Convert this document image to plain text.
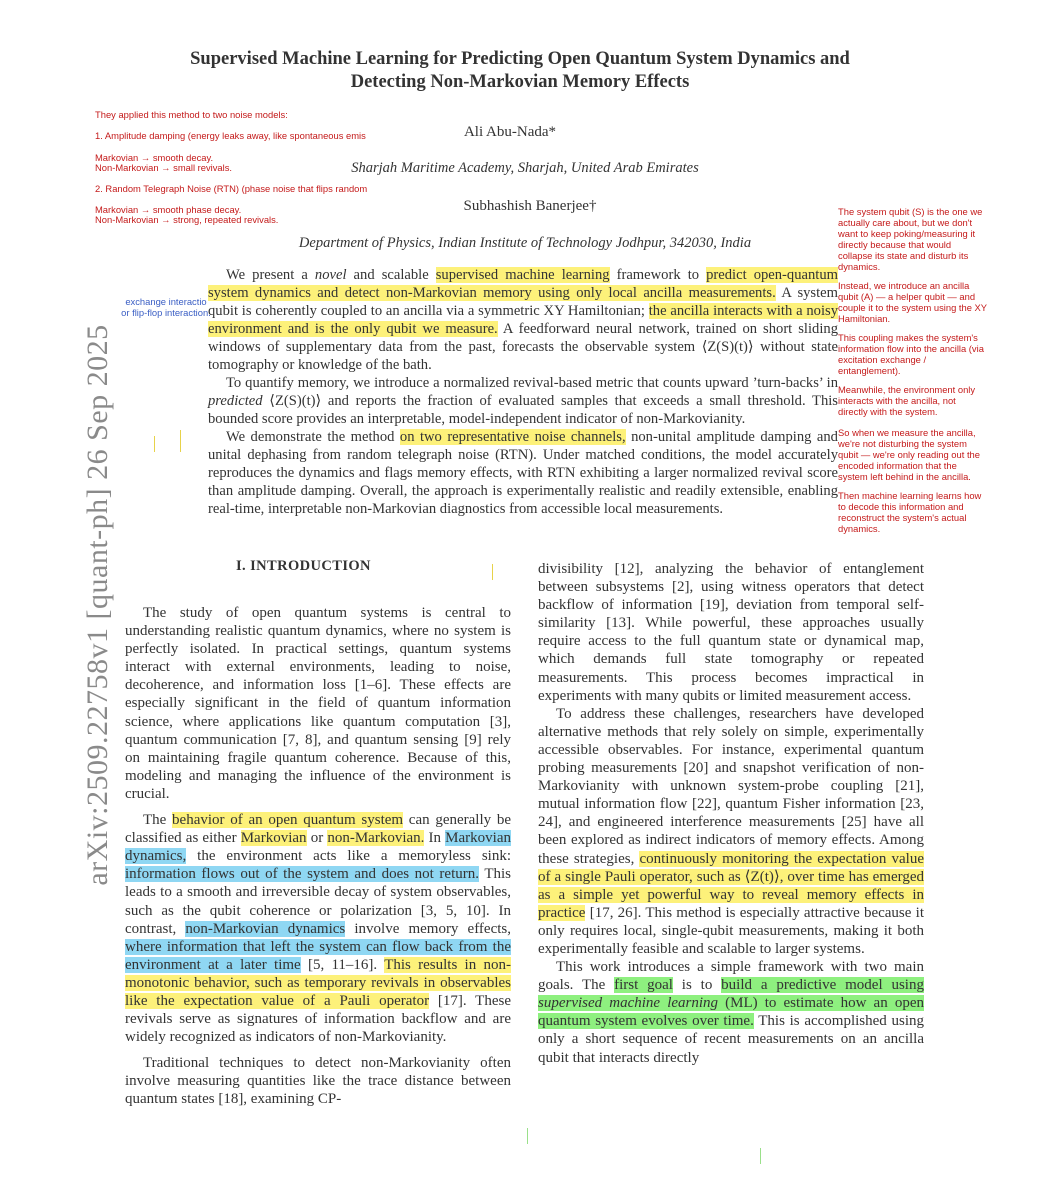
arXiv:2509.22758v1 [quant-ph] 26 Sep 2025
Supervised Machine Learning for Predicting Open Quantum System Dynamics and
Detecting Non-Markovian Memory Effects
Ali Abu-Nada*
Sharjah Maritime Academy, Sharjah, United Arab Emirates
Subhashish Banerjee†
Department of Physics, Indian Institute of Technology Jodhpur, 342030, India
They applied this method to two noise models:
1. Amplitude damping (energy leaks away, like spontaneous emis
Markovian → smooth decay.
Non-Markovian → small revivals.
2. Random Telegraph Noise (RTN) (phase noise that flips random
Markovian → smooth phase decay.
Non-Markovian → strong, repeated revivals.
exchange interactio or flip-flop interaction.
The system qubit (S) is the one we actually care about, but we don't want to keep poking/measuring it directly because that would collapse its state and disturb its dynamics.
Instead, we introduce an ancilla qubit (A) — a helper qubit — and couple it to the system using the XY Hamiltonian.
This coupling makes the system's information flow into the ancilla (via excitation exchange / entanglement).
Meanwhile, the environment only interacts with the ancilla, not directly with the system.
So when we measure the ancilla, we're not disturbing the system qubit — we're only reading out the encoded information that the system left behind in the ancilla.
Then machine learning learns how to decode this information and reconstruct the system's actual dynamics.

We present a novel and scalable supervised machine learning framework to predict open-quantum system dynamics and detect non-Markovian memory using only local ancilla measurements. A system qubit is coherently coupled to an ancilla via a symmetric XY Hamiltonian; the ancilla interacts with a noisy environment and is the only qubit we measure. A feedforward neural network, trained on short sliding windows of supplementary data from the past, forecasts the observable system ⟨Z(S)(t)⟩ without state tomography or knowledge of the bath.

To quantify memory, we introduce a normalized revival-based metric that counts upward ’turn-backs’ in predicted ⟨Z(S)(t)⟩ and reports the fraction of evaluated samples that exceeds a small threshold. This bounded score provides an interpretable, model-independent indicator of non-Markovianity.

We demonstrate the method on two representative noise channels, non-unital amplitude damping and unital dephasing from random telegraph noise (RTN). Under matched conditions, the model accurately reproduces the dynamics and flags memory effects, with RTN exhibiting a larger normalized revival score than amplitude damping. Overall, the approach is experimentally realistic and readily extensible, enabling real-time, interpretable non-Markovian diagnostics from accessible local measurements.

I. INTRODUCTION

The study of open quantum systems is central to understanding realistic quantum dynamics, where no system is perfectly isolated. In practical settings, quantum systems interact with external environments, leading to noise, decoherence, and information loss [1–6]. These effects are especially significant in the field of quantum information science, where applications like quantum computation [3], quantum communication [7, 8], and quantum sensing [9] rely on maintaining fragile quantum coherence. Because of this, modeling and managing the influence of the environment is crucial.

The behavior of an open quantum system can generally be classified as either Markovian or non-Markovian. In Markovian dynamics, the environment acts like a memoryless sink: information flows out of the system and does not return. This leads to a smooth and irreversible decay of system observables, such as the qubit coherence or polarization [3, 5, 10]. In contrast, non-Markovian dynamics involve memory effects, where information that left the system can flow back from the environment at a later time [5, 11–16]. This results in non-monotonic behavior, such as temporary revivals in observables like the expectation value of a Pauli operator [17]. These revivals serve as signatures of information backflow and are widely recognized as indicators of non-Markovianity.

Traditional techniques to detect non-Markovianity often involve measuring quantities like the trace distance between quantum states [18], examining CP-

divisibility [12], analyzing the behavior of entanglement between subsystems [2], using witness operators that detect backflow of information [19], deviation from temporal self-similarity [13]. While powerful, these approaches usually require access to the full quantum state or dynamical map, which demands full state tomography or repeated measurements. This process becomes impractical in experiments with many qubits or limited measurement access.

To address these challenges, researchers have developed alternative methods that rely solely on simple, experimentally accessible observables. For instance, experimental quantum probing measurements [20] and snapshot verification of non-Markovianity with unknown system-probe coupling [21], mutual information flow [22], quantum Fisher information [23, 24], and engineered interference measurements [25] have all been explored as indirect indicators of memory effects. Among these strategies, continuously monitoring the expectation value of a single Pauli operator, such as ⟨Z(t)⟩, over time has emerged as a simple yet powerful way to reveal memory effects in practice [17, 26]. This method is especially attractive because it only requires local, single-qubit measurements, making it both experimentally feasible and scalable to larger systems.

This work introduces a simple framework with two main goals. The first goal is to build a predictive model using supervised machine learning (ML) to estimate how an open quantum system evolves over time. This is accomplished using only a short sequence of recent measurements on an ancilla qubit that interacts directly
